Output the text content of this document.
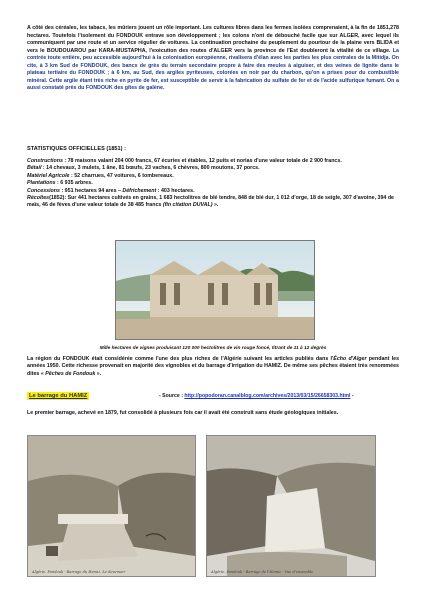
A côté des céréales, les tabacs, les mûriers jouent un rôle important. Les cultures libres dans les fermes isolées comprenaient, à la fin de 1851,278 hectares. Toutefois l'isolement du FONDOUK entrave son développement ; les colons n'ont de débouché facile que sur ALGER, avec lequel ils communiquent par une route et un service régulier de voitures. La continuation prochaine du peuplement du pourtour de la plaine vers BLIDA et vers le BOUDOUAROU par KARA-MUSTAPHA, l'exécution des routes d'ALGER vers la province de l'Est doubleront la vitalité de ce village. La contrée toute entière, peu accessible aujourd'hui à la colonisation européenne, rivalisera d'élan avec les parties les plus centrales de la Mitidja. On cite, à 3 km Sud de FONDOUK, des bancs de grès du terrain secondaire propre à faire des meules à aiguiser, et des veines de lignite dans le plateau tertiaire du FONDOUK ; à 6 km, au Sud, des argiles pyriteuses, colorées en noir par du charbon, qu'on a prises pour du combustible minéral. Cette argile étant très riche en pyrite de fer, est susceptible de servir à la fabrication du sulfate de fer et de l'acide sulfurique fumant. On a aussi constaté près du FONDOUK des gîtes de galène.

STATISTIQUES OFFICIELLES (1851) :

Constructions : 78 maisons valant 204 000 francs, 67 écuries et étables, 12 puits et norias d'une valeur totale de 2 900 francs.
Bétail : 14 chevaux, 3 mulets, 1 âne, 81 bœufs, 23 vaches, 6 chèvres, 800 moutons, 37 porcs.
Matériel Agricole : 52 charrues, 47 voitures, 6 tombereaux.
Plantations : 6 935 arbres.
Concessions : 951 hectares 94 ares – Défrichement : 403 hectares.
Récoltes(1852): Sur 441 hectares cultivés en grains, 1 683 hectolitres de blé tendre, 848 de blé dur, 1 012 d'orge, 18 de seigle, 307 d'avoine, 394 de maïs, 46 de fèves d'une valeur totale de 38 485 francs (fin citation DUVAL) ».
Mille hectares de vignes produisant 120 000 hectolitres de vin rouge foncé, titrant de 11 à 12 degrés

La région du FONDOUK était considérée comme l'une des plus riches de l'Algérie suivant les articles publiés dans l'Écho d'Alger pendant les années 1950. Cette richesse provenait en majorité des vignobles et du barrage d'irrigation du HAMIZ. De même ses pêches étaient très renommées dites « Pêches de Fondouk ».

Le barrage du HAMIZ	- Source : http://popodoran.canalblog.com/archives/2013/03/15/26658303.html -

Le premier barrage, achevé en 1879, fut consolidé à plusieurs fois car il avait été construit sans étude géologiques initiales.

Algérie. Fondouk - Barrage du Hamiz. Le déversoir	Algérie. Fondouk - Barrage de l'Hamiz - Vue d'ensemble
